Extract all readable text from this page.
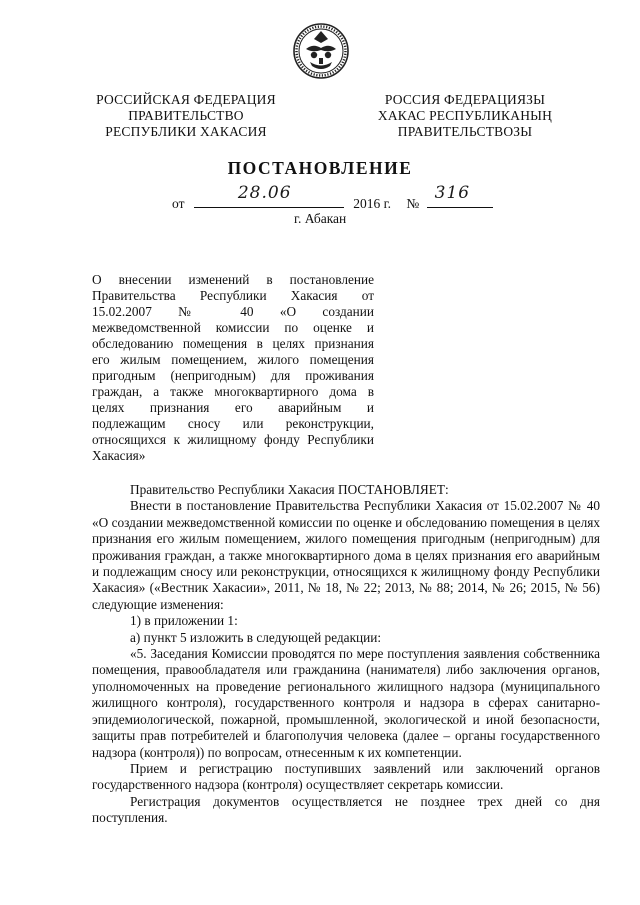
РОССИЙСКАЯ ФЕДЕРАЦИЯ
ПРАВИТЕЛЬСТВО
РЕСПУБЛИКИ ХАКАСИЯ
РОССИЯ ФЕДЕРАЦИЯЗЫ
ХАКАС РЕСПУБЛИКАНЫҢ
ПРАВИТЕЛЬСТВОЗЫ
ПОСТАНОВЛЕНИЕ
от
28.06
2016 г. №
316
г. Абакан
О внесении изменений в постановление
Правительства Республики Хакасия от
15.02.2007 № 40 «О создании
межведомственной комиссии по оценке и
обследованию помещения в целях признания
его жилым помещением, жилого помещения
пригодным (непригодным) для проживания
граждан, а также многоквартирного дома в
целях признания его аварийным и
подлежащим сносу или реконструкции,
относящихся к жилищному фонду Республики
Хакасия»

Правительство Республики Хакасия ПОСТАНОВЛЯЕТ:

Внести в постановление Правительства Республики Хакасия от 15.02.2007 № 40 «О создании межведомственной комиссии по оценке и обследованию помещения в целях признания его жилым помещением, жилого помещения пригодным (непригодным) для проживания граждан, а также многоквартирного дома в целях признания его аварийным и подлежащим сносу или реконструкции, относящихся к жилищному фонду Республики Хакасия» («Вестник Хакасии», 2011, № 18, № 22; 2013, № 88; 2014, № 26; 2015, № 56) следующие изменения:

1) в приложении 1:

а) пункт 5 изложить в следующей редакции:

«5. Заседания Комиссии проводятся по мере поступления заявления собственника помещения, правообладателя или гражданина (нанимателя) либо заключения органов, уполномоченных на проведение регионального жилищного надзора (муниципального жилищного контроля), государственного контроля и надзора в сферах санитарно-эпидемиологической, пожарной, промышленной, экологической и иной безопасности, защиты прав потребителей и благополучия человека (далее – органы государственного надзора (контроля)) по вопросам, отнесенным к их компетенции.

Прием и регистрацию поступивших заявлений или заключений органов государственного надзора (контроля) осуществляет секретарь комиссии.

Регистрация документов осуществляется не позднее трех дней со дня поступления.
